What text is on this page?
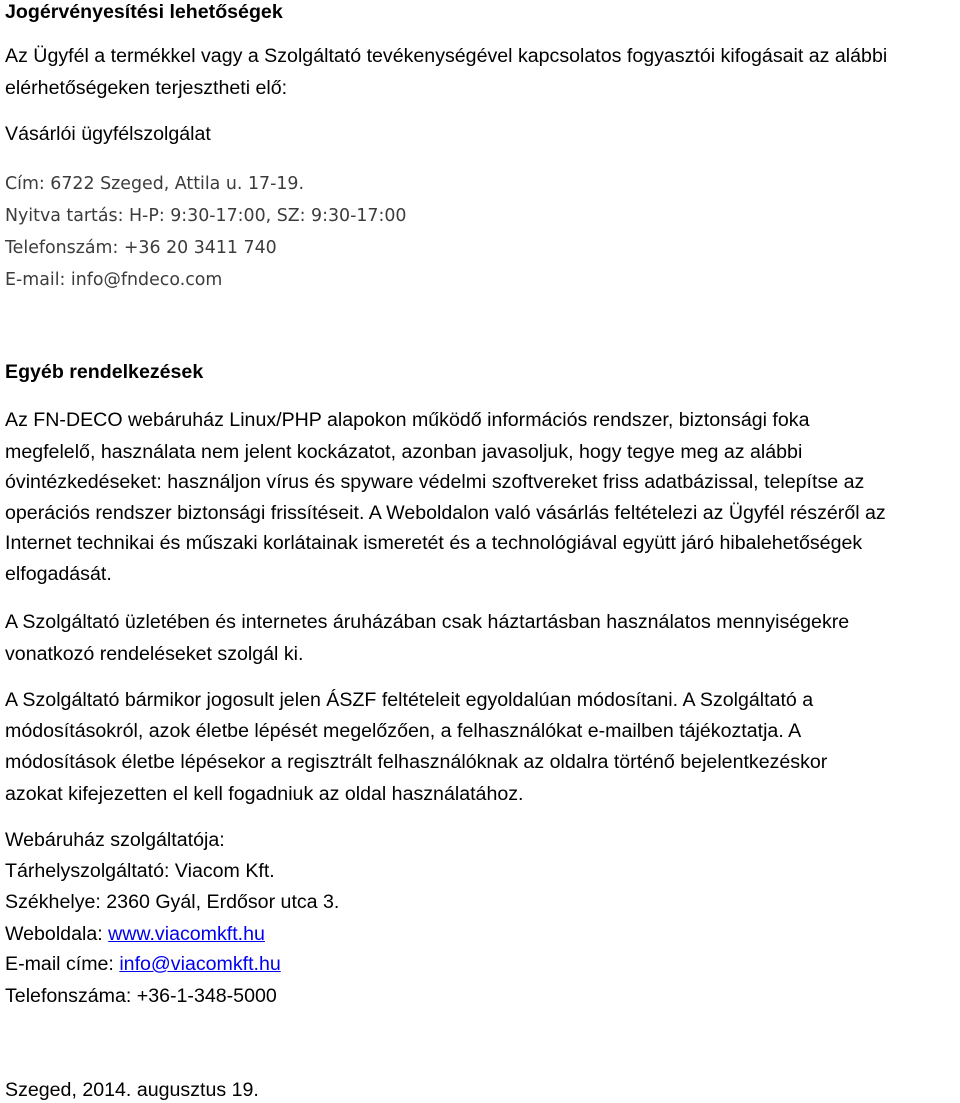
Jogérvényesítési lehetőségek
Az Ügyfél a termékkel vagy a Szolgáltató tevékenységével kapcsolatos fogyasztói kifogásait az alábbi
elérhetőségeken terjesztheti elő:
Vásárlói ügyfélszolgálat
Cím: 6722 Szeged, Attila u. 17-19.
Nyitva tartás: H-P: 9:30-17:00, SZ: 9:30-17:00
Telefonszám: +36 20 3411 740
E-mail: info@fndeco.com
Egyéb rendelkezések
Az FN-DECO webáruház Linux/PHP alapokon működő információs rendszer, biztonsági foka
megfelelő, használata nem jelent kockázatot, azonban javasoljuk, hogy tegye meg az alábbi
óvintézkedéseket: használjon vírus és spyware védelmi szoftvereket friss adatbázissal, telepítse az
operációs rendszer biztonsági frissítéseit. A Weboldalon való vásárlás feltételezi az Ügyfél részéről az
Internet technikai és műszaki korlátainak ismeretét és a technológiával együtt járó hibalehetőségek
elfogadását.
A Szolgáltató üzletében és internetes áruházában csak háztartásban használatos mennyiségekre
vonatkozó rendeléseket szolgál ki.
A Szolgáltató bármikor jogosult jelen ÁSZF feltételeit egyoldalúan módosítani. A Szolgáltató a
módosításokról, azok életbe lépését megelőzően, a felhasználókat e-mailben tájékoztatja. A
módosítások életbe lépésekor a regisztrált felhasználóknak az oldalra történő bejelentkezéskor
azokat kifejezetten el kell fogadniuk az oldal használatához.
Webáruház szolgáltatója:
Tárhelyszolgáltató: Viacom Kft.
Székhelye: 2360 Gyál, Erdősor utca 3.
Weboldala: www.viacomkft.hu
E-mail címe: info@viacomkft.hu
Telefonszáma: +36-1-348-5000
Szeged, 2014. augusztus 19.
